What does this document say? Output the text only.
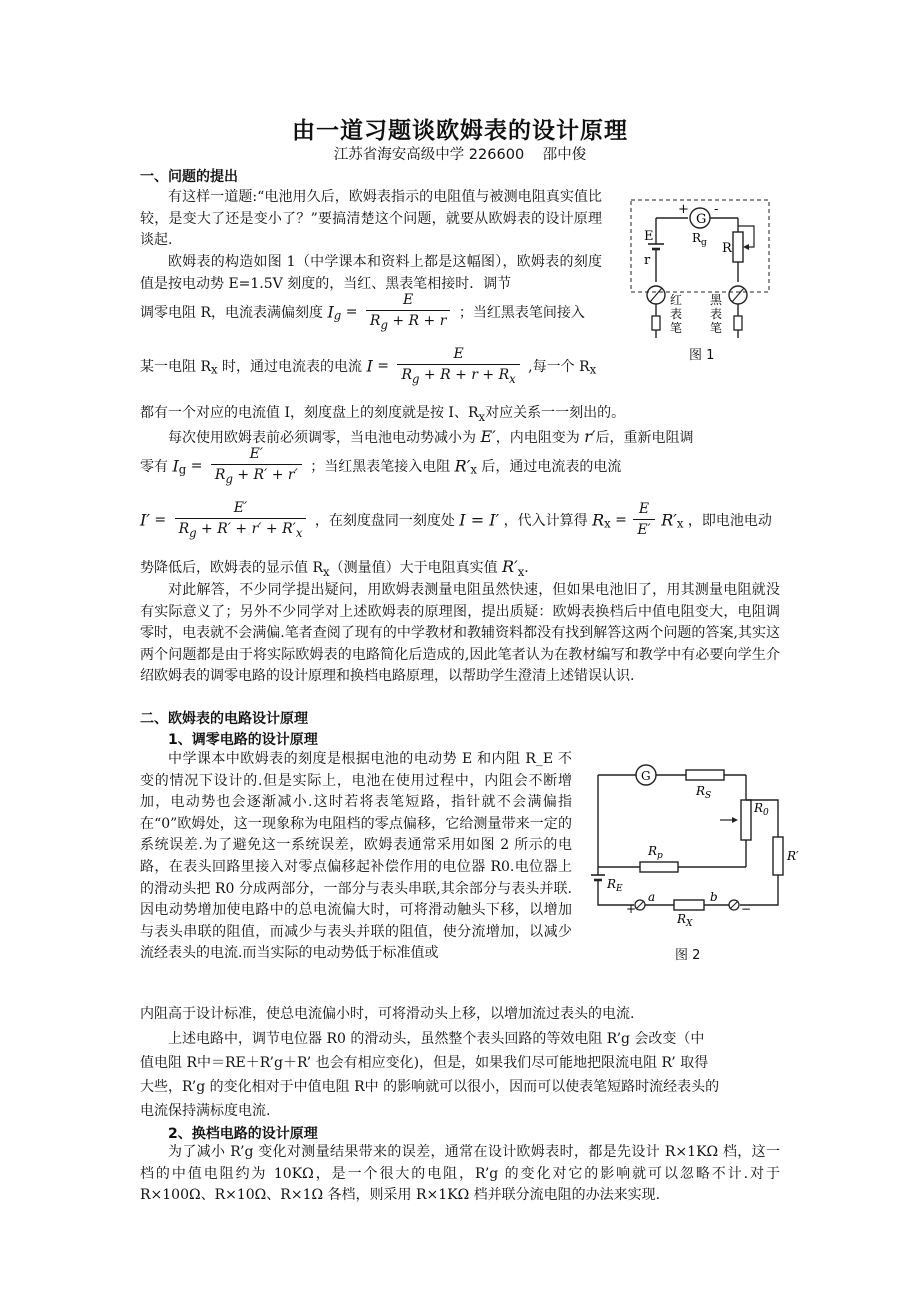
由一道习题谈欧姆表的设计原理
江苏省海安高级中学 226600 邵中俊
一、问题的提出
有这样一道题:“电池用久后，欧姆表指示的电阻值与被测电阻真实值比较，是变大了还是变小了？”要搞清楚这个问题，就要从欧姆表的设计原理谈起.
欧姆表的构造如图 1（中学课本和资料上都是这幅图），欧姆表的刻度值是按电动势 E=1.5V 刻度的，当红、黑表笔相接时．调节
调零电阻 R，电流表满偏刻度 $I_g = \frac{E}{R_g + R + r}$ ；当红黑表笔间接入
某一电阻 $R_x$ 时，通过电流表的电流 $I = \frac{E}{R_g + R + r + R_x}$ ,每一个 $R_x$
都有一个对应的电流值 I，刻度盘上的刻度就是按 I、$R_x$对应关系一一刻出的。
每次使用欧姆表前必须调零，当电池电动势减小为 E′，内电阻变为 r′后，重新电阻调
零有 $I_g = \frac{E'}{R_g + R' + r'}$ ；当红黑表笔接入电阻 $R'_x$ 后，通过电流表的电流
$I' = \frac{E'}{R_g + R' + r' + R'_x}$ ，在刻度盘同一刻度处 I = I′ ，代入计算得 $R_x = \frac{E}{E'} R'_x$ ，即电池电动
势降低后，欧姆表的显示值 $R_x$（测量值）大于电阻真实值 $R'_x$.
对此解答，不少同学提出疑问，用欧姆表测量电阻虽然快速，但如果电池旧了，用其测量电阻就没有实际意义了；另外不少同学对上述欧姆表的原理图，提出质疑：欧姆表换档后中值电阻变大，电阻调零时，电表就不会满偏.笔者查阅了现有的中学教材和教辅资料都没有找到解答这两个问题的答案,其实这两个问题都是由于将实际欧姆表的电路简化后造成的,因此笔者认为在教材编写和教学中有必要向学生介绍欧姆表的调零电路的设计原理和换档电路原理，以帮助学生澄清上述错误认识.
二、欧姆表的电路设计原理
1、调零电路的设计原理
中学课本中欧姆表的刻度是根据电池的电动势 E 和内阻 R_E 不变的情况下设计的.但是实际上，电池在使用过程中，内阻会不断增加，电动势也会逐渐减小.这时若将表笔短路，指针就不会满偏指在“0”欧姆处，这一现象称为电阻档的零点偏移，它给测量带来一定的系统误差.为了避免这一系统误差，欧姆表通常采用如图 2 所示的电路，在表头回路里接入对零点偏移起补偿作用的电位器 R0.电位器上的滑动头把 R0 分成两部分，一部分与表头串联,其余部分与表头并联.因电动势增加使电路中的总电流偏大时，可将滑动触头下移，以增加与表头串联的阻值，而减少与表头并联的阻值，使分流增加，以减少流经表头的电流.而当实际的电动势低于标准值或
内阻高于设计标准，使总电流偏小时，可将滑动头上移，以增加流过表头的电流.
上述电路中，调节电位器 R0 的滑动头，虽然整个表头回路的等效电阻 R’g 会改变（中
值电阻 R中＝RE＋R’g＋R’ 也会有相应变化)，但是，如果我们尽可能地把限流电阻 R’ 取得
大些，R’g 的变化相对于中值电阻 R中 的影响就可以很小，因而可以使表笔短路时流经表头的
电流保持满标度电流.
2、换档电路的设计原理
为了减小 R’g 变化对测量结果带来的误差，通常在设计欧姆表时，都是先设计 R×1KΩ 档，这一档的中值电阻约为 10KΩ，是一个很大的电阻，R’g 的变化对它的影响就可以忽略不计.对于 R×100Ω、R×10Ω、R×1Ω 各档，则采用 R×1KΩ 档并联分流电阻的办法来实现.
G
+ -
$R_g$
E
r
R
红
表
笔
黑
表
笔
图 1
G
$R_S$
$R_0$
$R_p$	R′
$R_E$
+
a
$R_X$
b
−
图 2
